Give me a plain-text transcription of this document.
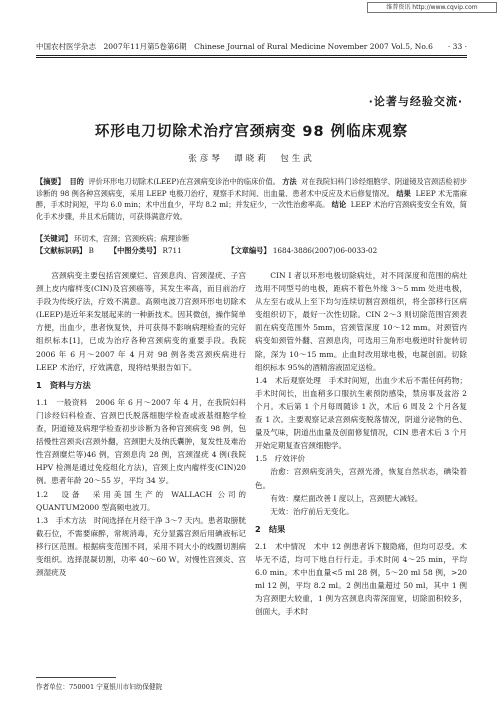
维普资讯 http://www.cqvip.com
中国农村医学杂志　2007年11月第5卷第6期　Chinese Journal of Rural Medicine November 2007 Vol.5, No.6 · 33 ·
·论著与经验交流·
环形电刀切除术治疗宫颈病变 98 例临床观察
张彦琴　谭晓莉　包生武
【摘要】 目的 评价环形电刀切除术(LEEP)在宫颈病变诊治中的临床价值。 方法 对在我院妇科门诊经细胞学、阴道镜及宫颈活检初步诊断的 98 例各种宫颈病变，采用 LEEP 电极刀治疗，观察手术时间、出血量、患者术中反应及术后修复情况。 结果 LEEP 术无需麻醉，手术时间短，平均 6.0 min；术中出血少，平均 8.2 ml；并发症少，一次性治愈率高。 结论 LEEP 术治疗宫颈病变安全有效，简化手术步骤，并且术后随访，可获得满意疗效。
【关键词】 环切术，宫颈；宫颈疾病；病理诊断
【文献标识码】 B 【中图分类号】 R711	【文章编号】 1684-3886(2007)06-0033-02

宫颈病变主要包括宫颈糜烂、宫颈息肉、宫颈湿疣、子宫颈上皮内瘤样变(CIN)及宫颈癌等，其发生率高，而目前治疗手段为传统疗法，疗效不满意。高频电波刀宫颈环形电切除术(LEEP)是近年来发展起来的一种新技术。因其微创，操作简单方便，出血少，患者恢复快，并可获得不影响病理检查的完好组织标本[1]，已成为治疗各种宫颈病变的重要手段。我院 2006 年 6 月～2007 年 4 月对 98 例各类宫颈疾病进行 LEEP 术治疗，疗效满意，现将结果报告如下。

1　资料与方法

1.1　一般资料　2006 年 6 月～2007 年 4 月，在我院妇科门诊经妇科检查、宫颈巴氏脱落细胞学检查或液基细胞学检查，阴道镜及病理学检查初步诊断为各种宫颈病变 98 例，包括慢性宫颈炎(宫颈外翻，宫颈肥大及纳氏囊肿，复发性及难治性宫颈糜烂等)46 例，宫颈息肉 28 例，宫颈湿疣 4 例(我院 HPV 检测是通过免疫组化方法)，宫颈上皮内瘤样变(CIN)20 例。患者年龄 20～55 岁，平均 34 岁。

1.2　设备　采用美国生产的 WALLACH 公司的 QUANTUM2000 型高频电波刀。

1.3　手术方法　时间选择在月经干净 3～7 天内。患者取膀胱截石位，不需要麻醉，常规消毒，充分显露宫颈后用碘液标记移行区范围。根据病变范围不同，采用不同大小的线圈切割病变组织。选择混凝切割，功率 40～60 W。对慢性宫颈炎、宫颈湿疣及

CIN I 者以环形电极切除病灶，对不同深度和范围的病灶选用不同型号的电极，距病不着色外缘 3～5 mm 处进电极，从左至右或从上至下均匀连续切割宫颈组织，将全部移行区病变组织切下，最好一次性切除。CIN 2～3 则切除范围宫颈表面在病变范围外 5mm，宫颈管深度 10～12 mm。对颈管内病变如颈管外翻、宫颈息肉，可选用三角形电极逆时针旋转切除，深为 10～15 mm。止血时改用球电极，电凝创面。切除组织标本 95%的酒精溶液固定送检。

1.4　术后观察处理　手术时间短，出血少术后不需任何药物；手术时间长，出血稍多口服抗生素预防感染，禁房事及盆浴 2 个月。术后第 1 个月每周随诊 1 次，术后 6 周及 2 个月各复查 1 次。主要观察记录宫颈病变脱落情况，阴道分泌物的色、量及气味，阴道出血量及创面修复情况，CIN 患者术后 3 个月开始定期复查宫颈细胞学。

1.5　疗效评价

治愈：宫颈病变消失，宫颈光滑，恢复自然状态，碘染着色。

有效：糜烂面改善 I 度以上，宫颈肥大减轻。

无效：治疗前后无变化。

2　结果

2.1　术中情况　术中 12 例患者诉下腹隐痛，但均可忍受。术毕无不适，均可下地自行行走。手术时间 4～25 min，平均 6.0 min。术中出血量<5 ml 28 例，5～20 ml 58 例，>20 ml 12 例，平均 8.2 ml。2 例出血量超过 50 ml，其中 1 例为宫颈肥大较重，1 例为宫颈息肉蒂深面宽，切除面积较多，创面大，手术时

作者单位：750001 宁夏银川市妇幼保健院
